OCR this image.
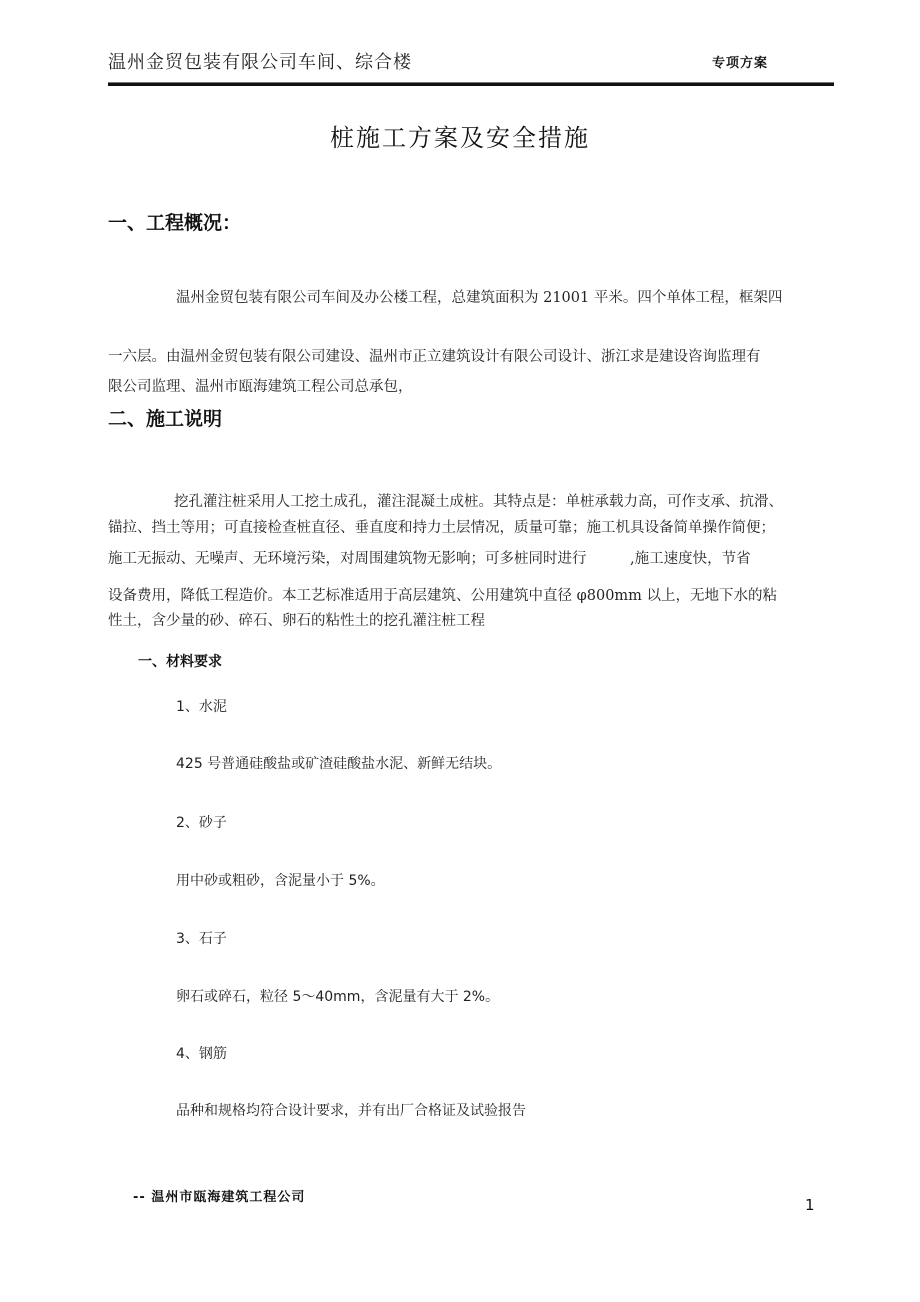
温州金贸包装有限公司车间、综合楼	专项方案
桩施工方案及安全措施
一、工程概况：
温州金贸包装有限公司车间及办公楼工程，总建筑面积为 21001 平米。四个单体工程，框架四
一六层。由温州金贸包装有限公司建设、温州市正立建筑设计有限公司设计、浙江求是建设咨询监理有
限公司监理、温州市瓯海建筑工程公司总承包，
二、施工说明
挖孔灌注桩采用人工挖土成孔，灌注混凝土成桩。其特点是：单桩承载力高，可作支承、抗滑、
锚拉、挡土等用；可直接检查桩直径、垂直度和持力土层情况，质量可靠；施工机具设备简单操作简便；
施工无振动、无噪声、无环境污染，对周围建筑物无影响；可多桩同时进行　　　,施工速度快，节省
设备费用，降低工程造价。本工艺标准适用于高层建筑、公用建筑中直径 φ800mm 以上，无地下水的粘
性土，含少量的砂、碎石、卵石的粘性土的挖孔灌注桩工程
一、材料要求
1、水泥
425 号普通硅酸盐或矿渣硅酸盐水泥、新鲜无结块。
2、砂子
用中砂或粗砂，含泥量小于 5%。
3、石子
卵石或碎石，粒径 5～40mm，含泥量有大于 2%。
4、钢筋
品种和规格均符合设计要求，并有出厂合格证及试验报告
-- 温州市瓯海建筑工程公司	1
